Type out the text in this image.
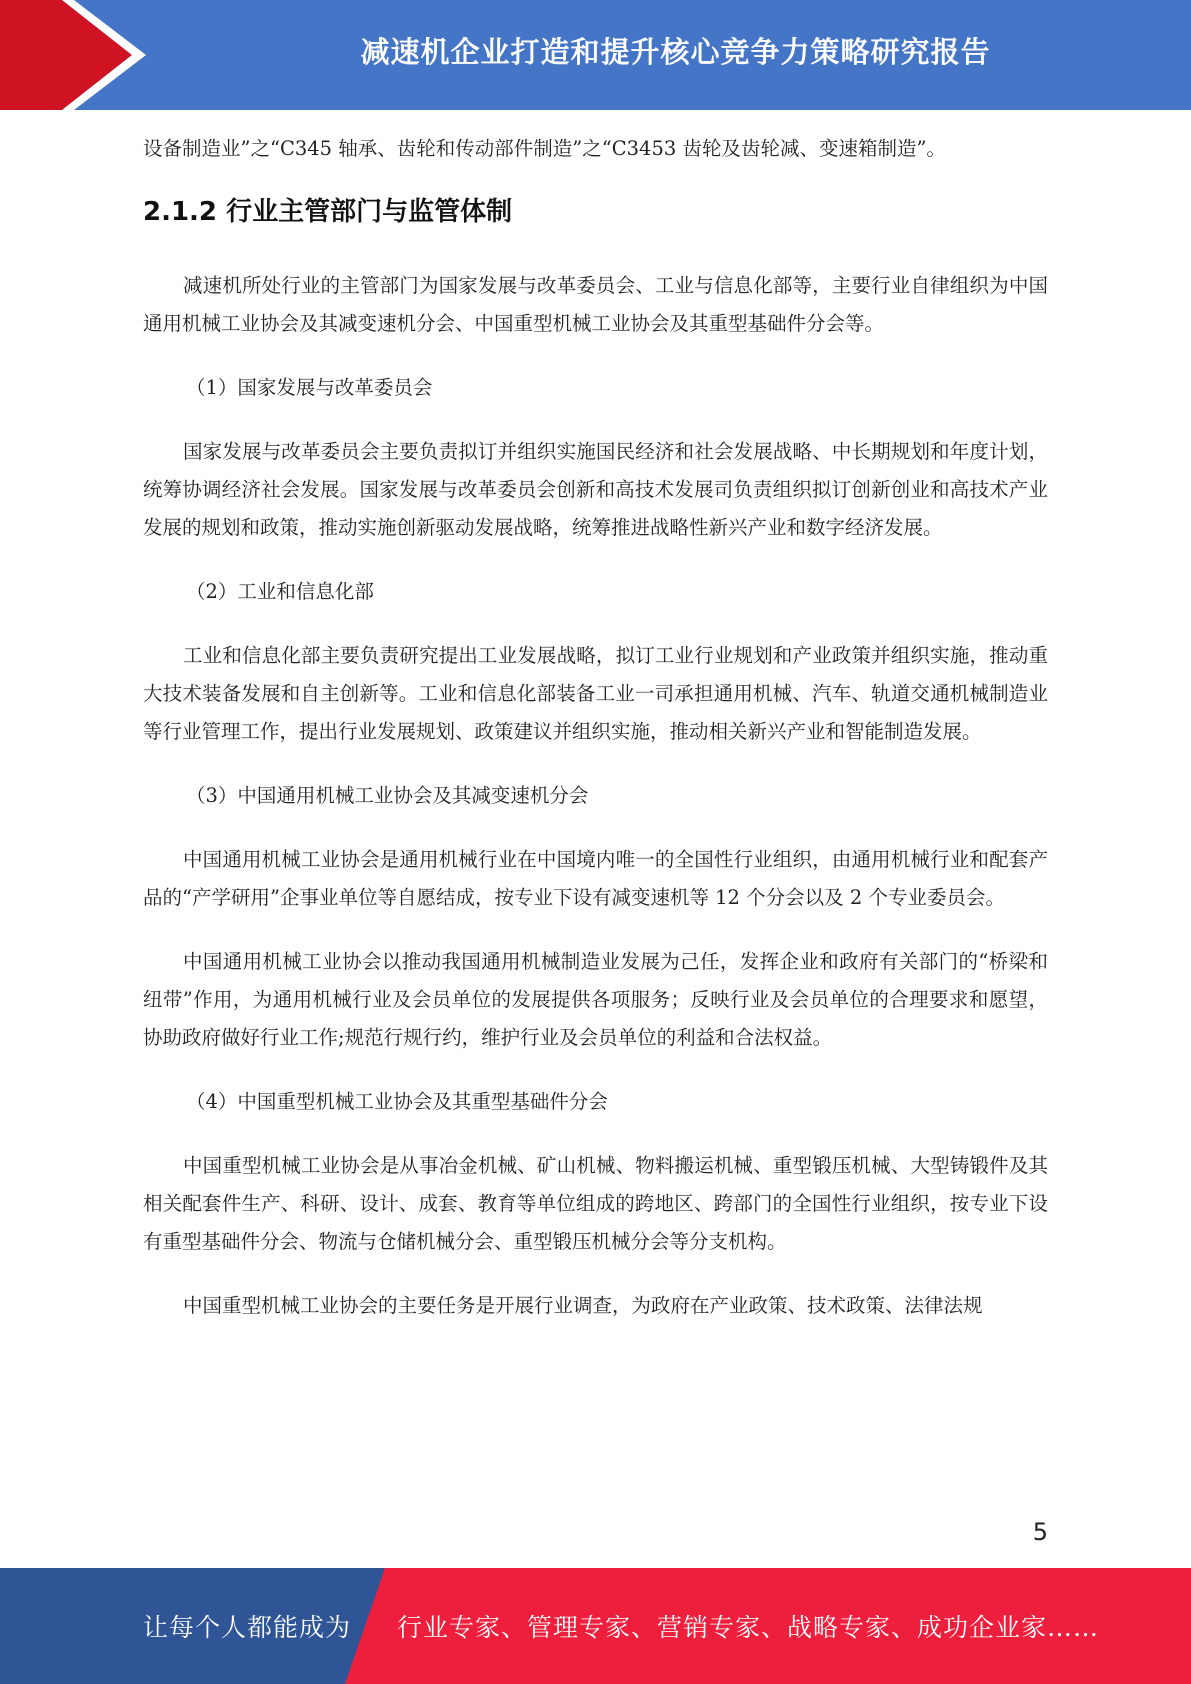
减速机企业打造和提升核心竞争力策略研究报告

设备制造业”之“C345 轴承、齿轮和传动部件制造”之“C3453 齿轮及齿轮减、变速箱制造”。

2.1.2 行业主管部门与监管体制

减速机所处行业的主管部门为国家发展与改革委员会、工业与信息化部等，主要行业自律组织为中国通用机械工业协会及其减变速机分会、中国重型机械工业协会及其重型基础件分会等。

（1）国家发展与改革委员会

国家发展与改革委员会主要负责拟订并组织实施国民经济和社会发展战略、中长期规划和年度计划，统筹协调经济社会发展。国家发展与改革委员会创新和高技术发展司负责组织拟订创新创业和高技术产业发展的规划和政策，推动实施创新驱动发展战略，统筹推进战略性新兴产业和数字经济发展。

（2）工业和信息化部

工业和信息化部主要负责研究提出工业发展战略，拟订工业行业规划和产业政策并组织实施，推动重大技术装备发展和自主创新等。工业和信息化部装备工业一司承担通用机械、汽车、轨道交通机械制造业等行业管理工作，提出行业发展规划、政策建议并组织实施，推动相关新兴产业和智能制造发展。

（3）中国通用机械工业协会及其减变速机分会

中国通用机械工业协会是通用机械行业在中国境内唯一的全国性行业组织，由通用机械行业和配套产品的“产学研用”企事业单位等自愿结成，按专业下设有减变速机等 12 个分会以及 2 个专业委员会。

中国通用机械工业协会以推动我国通用机械制造业发展为己任，发挥企业和政府有关部门的“桥梁和纽带”作用，为通用机械行业及会员单位的发展提供各项服务；反映行业及会员单位的合理要求和愿望，协助政府做好行业工作;规范行规行约，维护行业及会员单位的利益和合法权益。

（4）中国重型机械工业协会及其重型基础件分会

中国重型机械工业协会是从事冶金机械、矿山机械、物料搬运机械、重型锻压机械、大型铸锻件及其相关配套件生产、科研、设计、成套、教育等单位组成的跨地区、跨部门的全国性行业组织，按专业下设有重型基础件分会、物流与仓储机械分会、重型锻压机械分会等分支机构。

中国重型机械工业协会的主要任务是开展行业调查，为政府在产业政策、技术政策、法律法规

5
让每个人都能成为 行业专家、管理专家、营销专家、战略专家、成功企业家……
